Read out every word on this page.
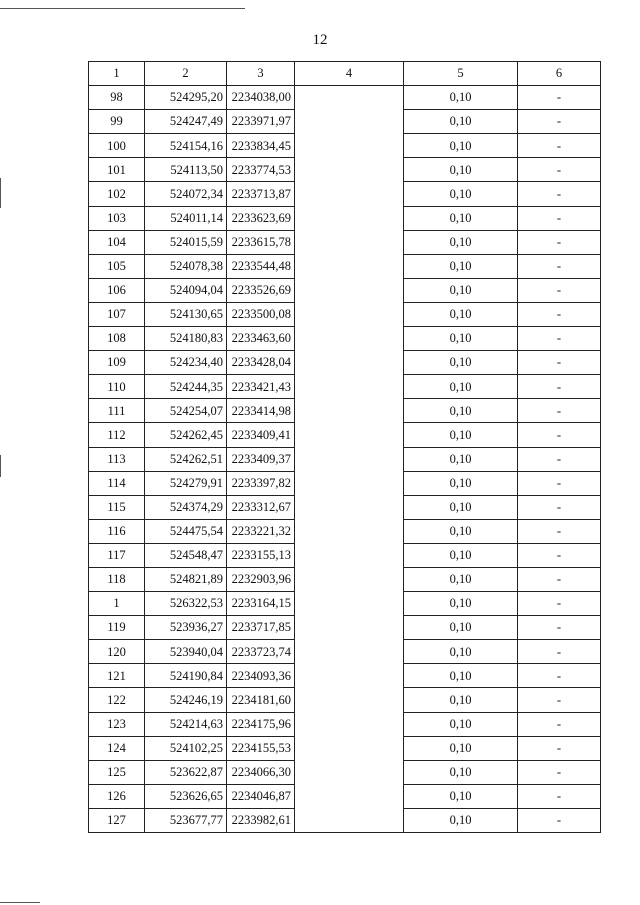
12
1	2	3	4	5	6
98	524295,20	2234038,00		0,10	-
99	524247,49	2233971,97		0,10	-
100	524154,16	2233834,45		0,10	-
101	524113,50	2233774,53		0,10	-
102	524072,34	2233713,87		0,10	-
103	524011,14	2233623,69		0,10	-
104	524015,59	2233615,78		0,10	-
105	524078,38	2233544,48		0,10	-
106	524094,04	2233526,69		0,10	-
107	524130,65	2233500,08		0,10	-
108	524180,83	2233463,60		0,10	-
109	524234,40	2233428,04		0,10	-
110	524244,35	2233421,43		0,10	-
111	524254,07	2233414,98		0,10	-
112	524262,45	2233409,41		0,10	-
113	524262,51	2233409,37		0,10	-
114	524279,91	2233397,82		0,10	-
115	524374,29	2233312,67		0,10	-
116	524475,54	2233221,32		0,10	-
117	524548,47	2233155,13		0,10	-
118	524821,89	2232903,96		0,10	-
1	526322,53	2233164,15		0,10	-
119	523936,27	2233717,85		0,10	-
120	523940,04	2233723,74		0,10	-
121	524190,84	2234093,36		0,10	-
122	524246,19	2234181,60		0,10	-
123	524214,63	2234175,96		0,10	-
124	524102,25	2234155,53		0,10	-
125	523622,87	2234066,30		0,10	-
126	523626,65	2234046,87		0,10	-
127	523677,77	2233982,61		0,10	-
